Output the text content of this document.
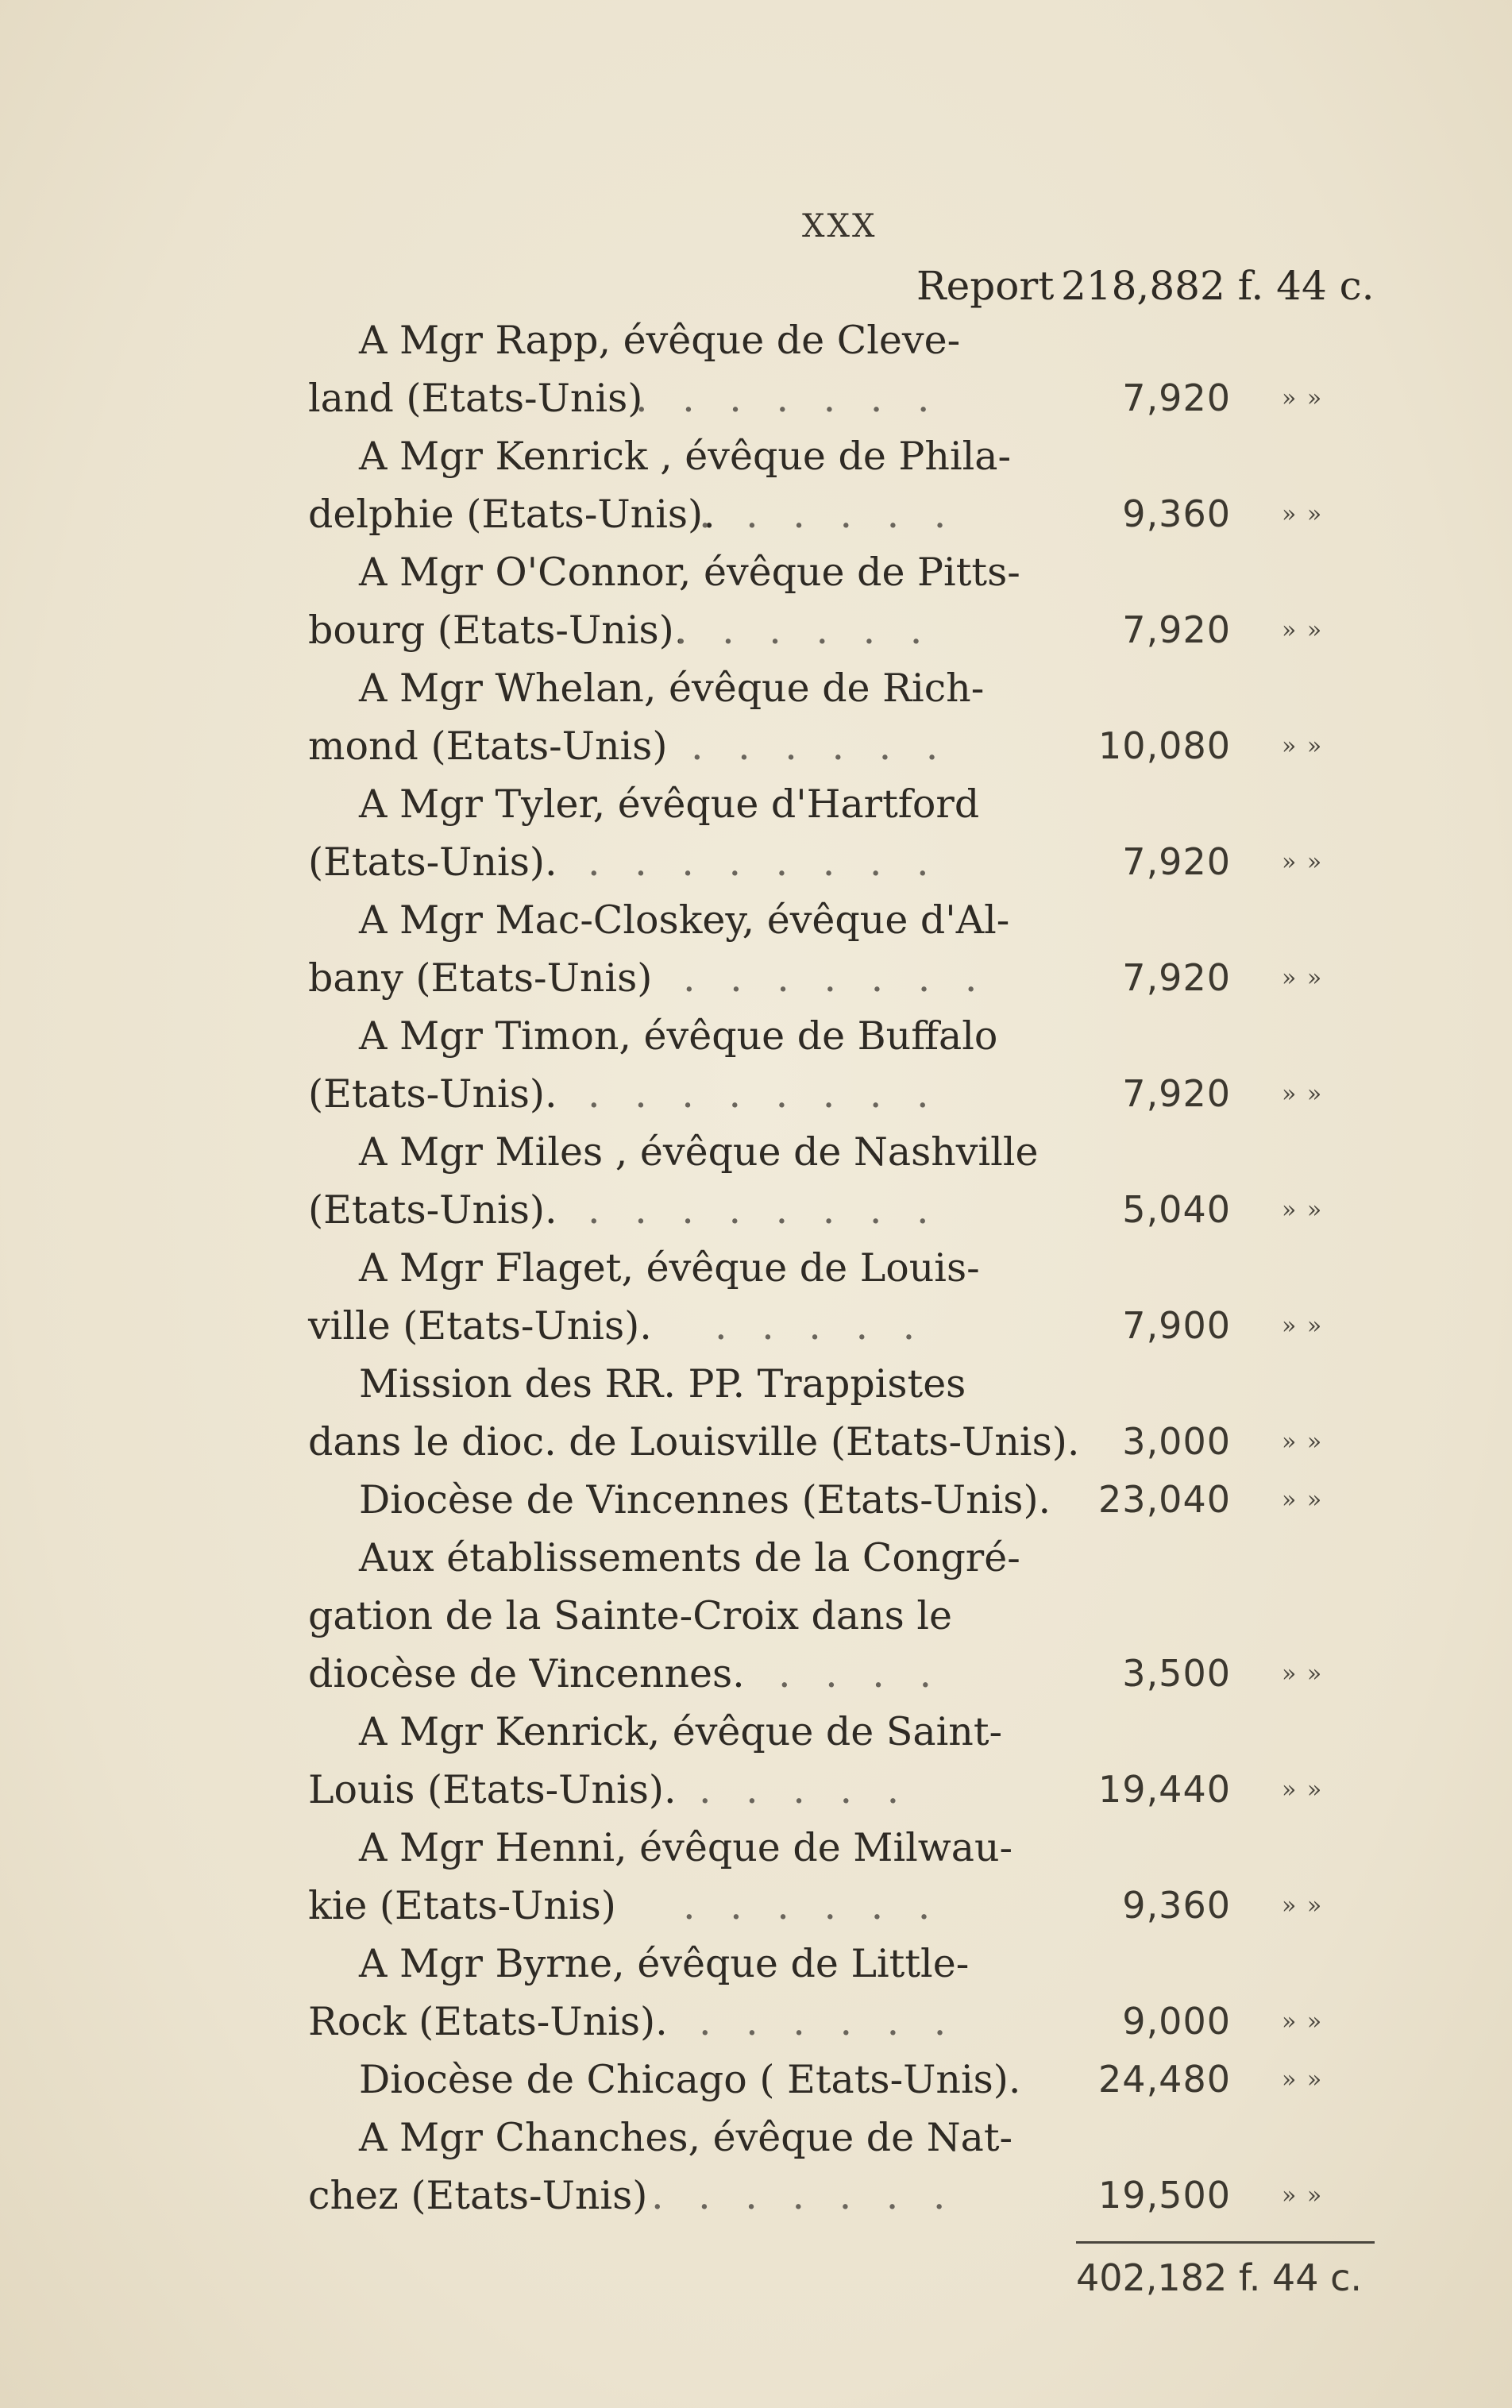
XXX
Report 218,882 f. 44 c.
A Mgr Rapp, évêque de Cleve-
land (Etats-Unis)
. . . . . . .	7,920 » »
A Mgr Kenrick , évêque de Phila-
delphie (Etats-Unis).
. . . . . .	9,360 » »
A Mgr O'Connor, évêque de Pitts-
bourg (Etats-Unis).
. . . . . .	7,920 » »
A Mgr Whelan, évêque de Rich-
mond (Etats-Unis) . . . . . .	10,080 » »
A Mgr Tyler, évêque d'Hartford
(Etats-Unis). . . . . . . . .	7,920 » »
A Mgr Mac-Closkey, évêque d'Al-
bany (Etats-Unis) . . . . . . .	7,920 » »
A Mgr Timon, évêque de Buffalo
(Etats-Unis). . . . . . . . .	7,920 » »
A Mgr Miles , évêque de Nashville
(Etats-Unis). . . . . . . . .	5,040 » »
A Mgr Flaget, évêque de Louis-
ville (Etats-Unis). . . . . .	7,900 » »
Mission des RR. PP. Trappistes
dans le dioc. de Louisville (Etats-Unis).	3,000 » »
Diocèse de Vincennes (Etats-Unis).	23,040 » »
Aux établissements de la Congré-
gation de la Sainte-Croix dans le
diocèse de Vincennes. . . . .	3,500 » »
A Mgr Kenrick, évêque de Saint-
Louis (Etats-Unis). . . . . .	19,440 » »
A Mgr Henni, évêque de Milwau-
kie (Etats-Unis) . . . . . .	9,360 » »
A Mgr Byrne, évêque de Little-
Rock (Etats-Unis). . . . . . .	9,000 » »
Diocèse de Chicago ( Etats-Unis).	24,480 » »
A Mgr Chanches, évêque de Nat-
chez (Etats-Unis) . . . . . . .	19,500 » »
402,182 f. 44 c.
